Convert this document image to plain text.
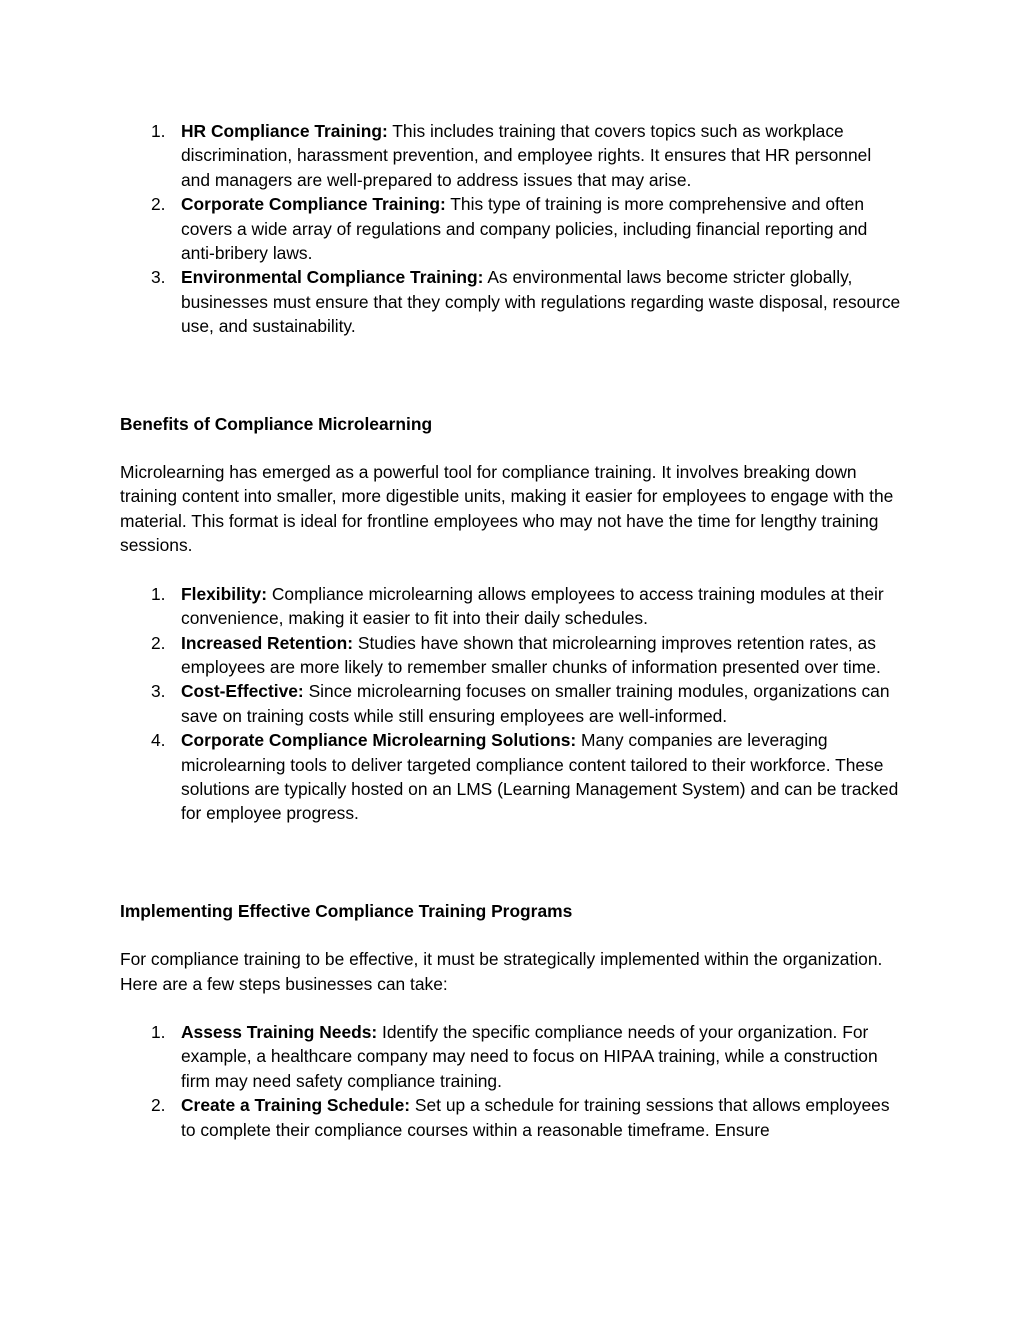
1. HR Compliance Training: This includes training that covers topics such as workplace discrimination, harassment prevention, and employee rights. It ensures that HR personnel and managers are well-prepared to address issues that may arise.
2. Corporate Compliance Training: This type of training is more comprehensive and often covers a wide array of regulations and company policies, including financial reporting and anti-bribery laws.
3. Environmental Compliance Training: As environmental laws become stricter globally, businesses must ensure that they comply with regulations regarding waste disposal, resource use, and sustainability.
Benefits of Compliance Microlearning

Microlearning has emerged as a powerful tool for compliance training. It involves breaking down training content into smaller, more digestible units, making it easier for employees to engage with the material. This format is ideal for frontline employees who may not have the time for lengthy training sessions.

1. Flexibility: Compliance microlearning allows employees to access training modules at their convenience, making it easier to fit into their daily schedules.
2. Increased Retention: Studies have shown that microlearning improves retention rates, as employees are more likely to remember smaller chunks of information presented over time.
3. Cost-Effective: Since microlearning focuses on smaller training modules, organizations can save on training costs while still ensuring employees are well-informed.
4. Corporate Compliance Microlearning Solutions: Many companies are leveraging microlearning tools to deliver targeted compliance content tailored to their workforce. These solutions are typically hosted on an LMS (Learning Management System) and can be tracked for employee progress.
Implementing Effective Compliance Training Programs

For compliance training to be effective, it must be strategically implemented within the organization. Here are a few steps businesses can take:

1. Assess Training Needs: Identify the specific compliance needs of your organization. For example, a healthcare company may need to focus on HIPAA training, while a construction firm may need safety compliance training.
2. Create a Training Schedule: Set up a schedule for training sessions that allows employees to complete their compliance courses within a reasonable timeframe. Ensure
